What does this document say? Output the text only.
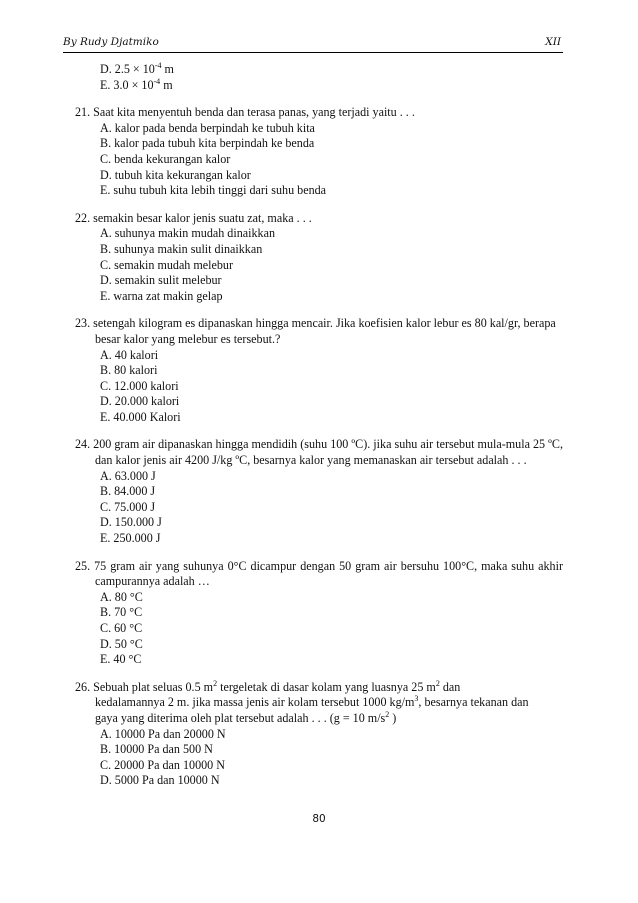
By Rudy Djatmiko	XII
D. $2.5 \times 10^{-4}$ m
E. $3.0 \times 10^{-4}$ m
21. Saat kita menyentuh benda dan terasa panas, yang terjadi yaitu . . .
A. kalor pada benda berpindah ke tubuh kita
B. kalor pada tubuh kita berpindah ke benda
C. benda kekurangan kalor
D. tubuh kita kekurangan kalor
E. suhu tubuh kita lebih tinggi dari suhu benda
22. semakin besar kalor jenis suatu zat, maka . . .
A. suhunya makin mudah dinaikkan
B. suhunya makin sulit dinaikkan
C. semakin mudah melebur
D. semakin sulit melebur
E. warna zat makin gelap
23. setengah kilogram es dipanaskan hingga mencair. Jika koefisien kalor lebur es 80 kal/gr, berapa besar kalor yang melebur es tersebut.?
A. 40 kalori
B. 80 kalori
C. 12.000 kalori
D. 20.000 kalori
E. 40.000 Kalori
24. 200 gram air dipanaskan hingga mendidih (suhu 100 ºC). jika suhu air tersebut mula-mula 25 ºC, dan kalor jenis air 4200 J/kg ºC, besarnya kalor yang memanaskan air tersebut adalah . . .
A. 63.000 J
B. 84.000 J
C. 75.000 J
D. 150.000 J
E. 250.000 J
25. 75 gram air yang suhunya 0°C dicampur dengan 50 gram air bersuhu 100°C, maka suhu akhir campurannya adalah …
A. 80 °C
B. 70 °C
C. 60 °C
D. 50 °C
E. 40 °C
26. Sebuah plat seluas 0.5 $m^2$ tergeletak di dasar kolam yang luasnya 25 $m^2$ dan
kedalamannya 2 m. jika massa jenis air kolam tersebut 1000 $kg/m^3$, besarnya tekanan dan
gaya yang diterima oleh plat tersebut adalah . . . (g = 10 $m/s^2$ )
A. 10000 Pa dan 20000 N
B. 10000 Pa dan 500 N
C. 20000 Pa dan 10000 N
D. 5000 Pa dan 10000 N
80
